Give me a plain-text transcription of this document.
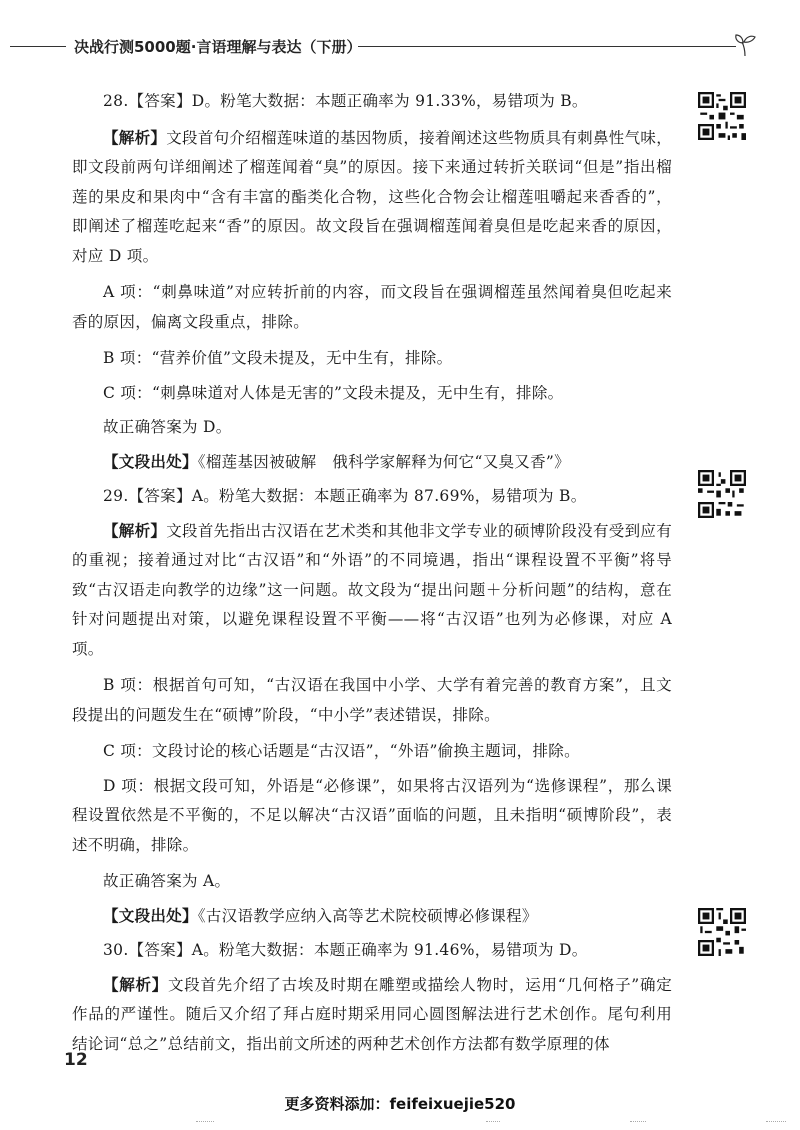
决战行测5000题·言语理解与表达（下册）

28.【答案】D。粉笔大数据：本题正确率为 91.33%，易错项为 B。

【解析】文段首句介绍榴莲味道的基因物质，接着阐述这些物质具有刺鼻性气味，即文段前两句详细阐述了榴莲闻着“臭”的原因。接下来通过转折关联词“但是”指出榴莲的果皮和果肉中“含有丰富的酯类化合物，这些化合物会让榴莲咀嚼起来香香的”，即阐述了榴莲吃起来“香”的原因。故文段旨在强调榴莲闻着臭但是吃起来香的原因，对应 D 项。

A 项：“刺鼻味道”对应转折前的内容，而文段旨在强调榴莲虽然闻着臭但吃起来香的原因，偏离文段重点，排除。

B 项：“营养价值”文段未提及，无中生有，排除。

C 项：“刺鼻味道对人体是无害的”文段未提及，无中生有，排除。

故正确答案为 D。

【文段出处】《榴莲基因被破解　俄科学家解释为何它“又臭又香”》

29.【答案】A。粉笔大数据：本题正确率为 87.69%，易错项为 B。

【解析】文段首先指出古汉语在艺术类和其他非文学专业的硕博阶段没有受到应有的重视；接着通过对比“古汉语”和“外语”的不同境遇，指出“课程设置不平衡”将导致“古汉语走向教学的边缘”这一问题。故文段为“提出问题＋分析问题”的结构，意在针对问题提出对策，以避免课程设置不平衡——将“古汉语”也列为必修课，对应 A 项。

B 项：根据首句可知，“古汉语在我国中小学、大学有着完善的教育方案”，且文段提出的问题发生在“硕博”阶段，“中小学”表述错误，排除。

C 项：文段讨论的核心话题是“古汉语”，“外语”偷换主题词，排除。

D 项：根据文段可知，外语是“必修课”，如果将古汉语列为“选修课程”，那么课程设置依然是不平衡的，不足以解决“古汉语”面临的问题，且未指明“硕博阶段”，表述不明确，排除。

故正确答案为 A。

【文段出处】《古汉语教学应纳入高等艺术院校硕博必修课程》

30.【答案】A。粉笔大数据：本题正确率为 91.46%，易错项为 D。

【解析】文段首先介绍了古埃及时期在雕塑或描绘人物时，运用“几何格子”确定作品的严谨性。随后又介绍了拜占庭时期采用同心圆图解法进行艺术创作。尾句利用结论词“总之”总结前文，指出前文所述的两种艺术创作方法都有数学原理的体

12
更多资料添加：feifeixuejie520
